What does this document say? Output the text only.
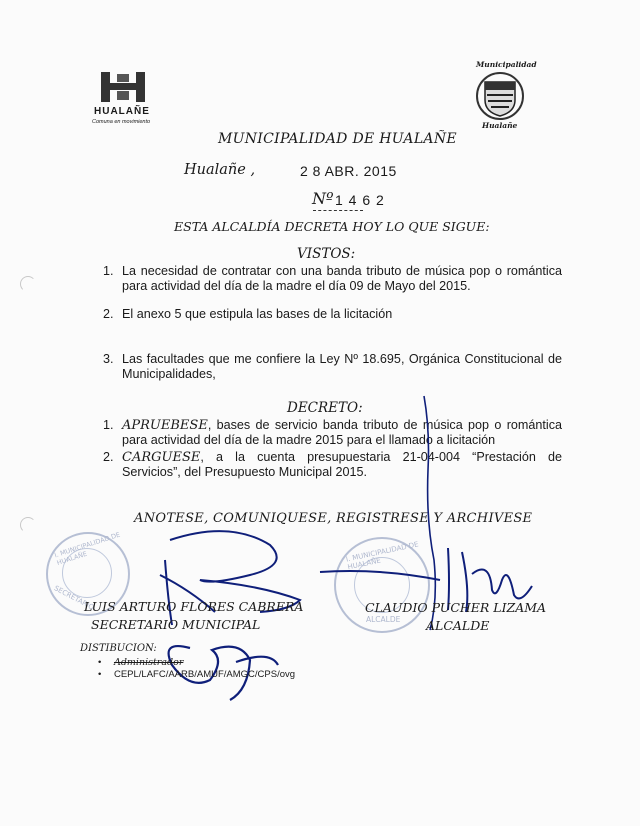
HUALAÑE
Comuna en movimiento
Municipalidad
Hualañe
MUNICIPALIDAD DE HUALAÑE
Hualañe ,	2 8 ABR. 2015
Nº 1 4 6 2
ESTA ALCALDÍA DECRETA HOY LO QUE SIGUE:
VISTOS:
1. La necesidad de contratar con una banda tributo de música pop o romántica para actividad del día de la madre el día 09 de Mayo del 2015.
2. El anexo 5 que estipula las bases de la licitación
3. Las facultades que me confiere la Ley Nº 18.695, Orgánica Constitucional de Municipalidades,
DECRETO:
1. APRUEBESE, bases de servicio banda tributo de música pop o romántica para actividad del día de la madre 2015 para el llamado a licitación
2. CARGUESE, a la cuenta presupuestaria 21-04-004 “Prestación de Servicios”, del Presupuesto Municipal 2015.
ANOTESE, COMUNIQUESE, REGISTRESE Y ARCHIVESE
I. MUNICIPALIDAD DE HUALAÑE
SECRETARIO
I. MUNICIPALIDAD DE HUALAÑE
ALCALDE
LUIS ARTURO FLORES CABRERA
SECRETARIO MUNICIPAL
CLAUDIO PUCHER LIZAMA
ALCALDE
DISTIBUCION:
• Administrador
• CEPL/LAFC/AARB/AMUF/AMGC/CPS/ovg
